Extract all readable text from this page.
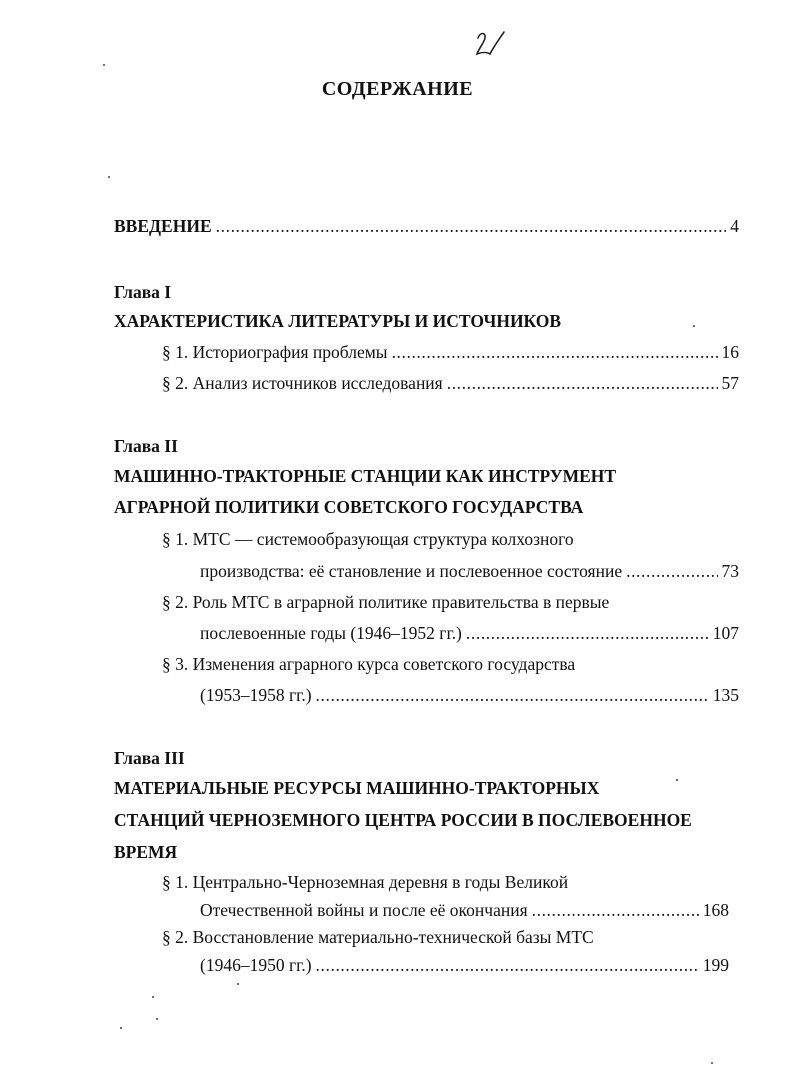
СОДЕРЖАНИЕ
ВВЕДЕНИЕ .....	4
Глава I
ХАРАКТЕРИСТИКА ЛИТЕРАТУРЫ И ИСТОЧНИКОВ
§ 1. Историография проблемы .....	16
§ 2. Анализ источников исследования .....	57
Глава II
МАШИННО-ТРАКТОРНЫЕ СТАНЦИИ КАК ИНСТРУМЕНТ
АГРАРНОЙ ПОЛИТИКИ СОВЕТСКОГО ГОСУДАРСТВА
§ 1. МТС — системообразующая структура колхозного
производства: её становление и послевоенное состояние .....	73
§ 2. Роль МТС в аграрной политике правительства в первые
послевоенные годы (1946–1952 гг.) .....	107
§ 3. Изменения аграрного курса советского государства
(1953–1958 гг.) .....	135
Глава III
МАТЕРИАЛЬНЫЕ РЕСУРСЫ МАШИННО-ТРАКТОРНЫХ
СТАНЦИЙ ЧЕРНОЗЕМНОГО ЦЕНТРА РОССИИ В ПОСЛЕВОЕННОЕ
ВРЕМЯ
§ 1. Центрально-Черноземная деревня в годы Великой
Отечественной войны и после её окончания .....	168
§ 2. Восстановление материально-технической базы МТС
(1946–1950 гг.) .....	199
